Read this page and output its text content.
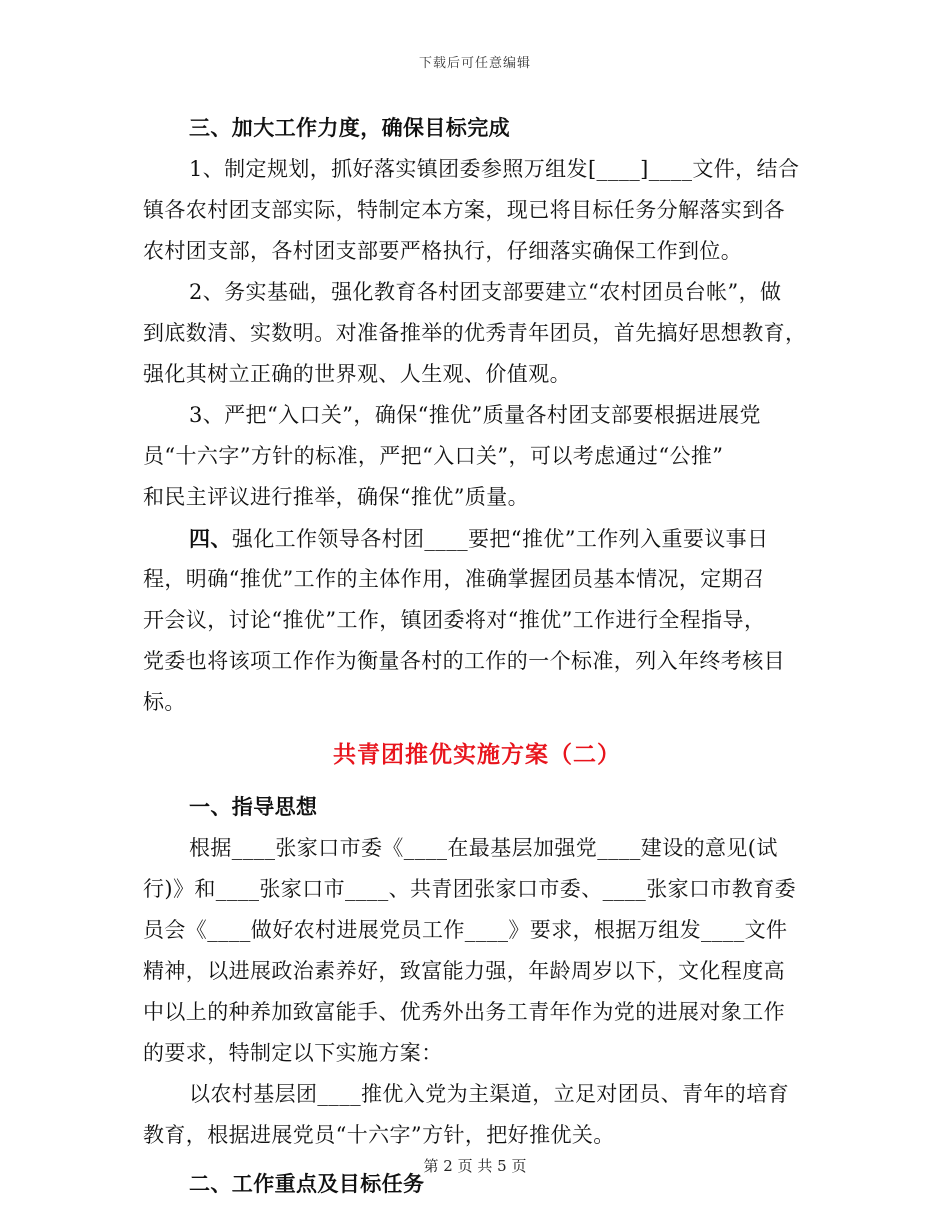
下载后可任意编辑
三、加大工作力度，确保目标完成
1、制定规划，抓好落实镇团委参照万组发[____]____文件，结合
镇各农村团支部实际，特制定本方案，现已将目标任务分解落实到各
农村团支部，各村团支部要严格执行，仔细落实确保工作到位。
2、务实基础，强化教育各村团支部要建立“农村团员台帐”，做
到底数清、实数明。对准备推举的优秀青年团员，首先搞好思想教育，
强化其树立正确的世界观、人生观、价值观。
3、严把“入口关”，确保“推优”质量各村团支部要根据进展党
员“十六字”方针的标准，严把“入口关”，可以考虑通过“公推”
和民主评议进行推举，确保“推优”质量。
四、强化工作领导各村团____要把“推优”工作列入重要议事日
程，明确“推优”工作的主体作用，准确掌握团员基本情况，定期召
开会议，讨论“推优”工作，镇团委将对“推优”工作进行全程指导，
党委也将该项工作作为衡量各村的工作的一个标准，列入年终考核目
标。
共青团推优实施方案（二）
一、指导思想
根据____张家口市委《____在最基层加强党____建设的意见(试
行)》和____张家口市____、共青团张家口市委、____张家口市教育委
员会《____做好农村进展党员工作____》要求，根据万组发____文件
精神，以进展政治素养好，致富能力强，年龄周岁以下，文化程度高
中以上的种养加致富能手、优秀外出务工青年作为党的进展对象工作
的要求，特制定以下实施方案：
以农村基层团____推优入党为主渠道，立足对团员、青年的培育
教育，根据进展党员“十六字”方针，把好推优关。
二、工作重点及目标任务
第 2 页 共 5 页
